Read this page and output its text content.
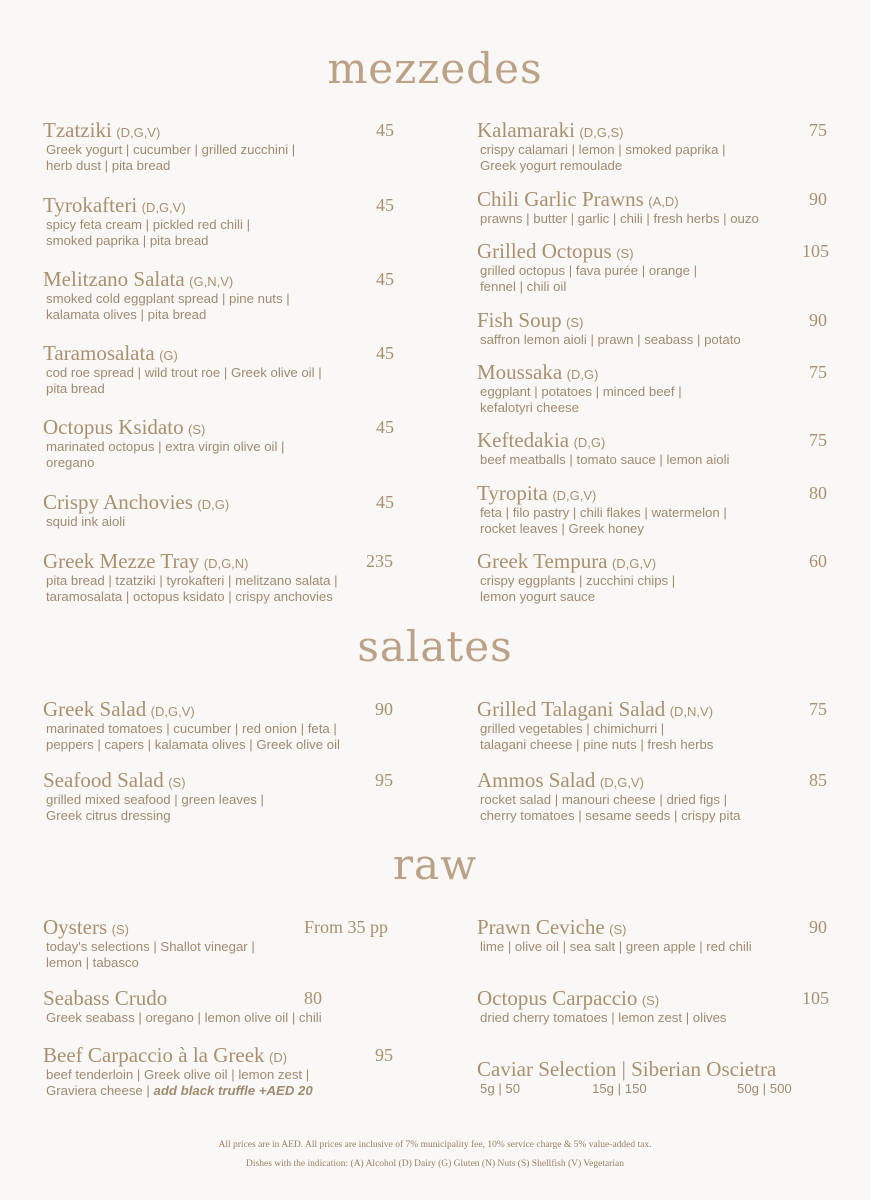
mezzedes
salates
raw
Tzatziki (D,G,V)	45
Greek yogurt | cucumber | grilled zucchini |
herb dust | pita bread
Tyrokafteri (D,G,V)	45
spicy feta cream | pickled red chili |
smoked paprika | pita bread
Melitzano Salata (G,N,V)	45
smoked cold eggplant spread | pine nuts |
kalamata olives | pita bread
Taramosalata (G)	45
cod roe spread | wild trout roe | Greek olive oil |
pita bread
Octopus Ksidato (S)	45
marinated octopus | extra virgin olive oil |
oregano
Crispy Anchovies (D,G)	45
squid ink aioli
Greek Mezze Tray (D,G,N)	235
pita bread | tzatziki | tyrokafteri | melitzano salata |
taramosalata | octopus ksidato | crispy anchovies
Kalamaraki (D,G,S)	75
crispy calamari | lemon | smoked paprika |
Greek yogurt remoulade
Chili Garlic Prawns (A,D)	90
prawns | butter | garlic | chili | fresh herbs | ouzo
Grilled Octopus (S)	105
grilled octopus | fava purée | orange |
fennel | chili oil
Fish Soup (S)	90
saffron lemon aioli | prawn | seabass | potato
Moussaka (D,G)	75
eggplant | potatoes | minced beef |
kefalotyri cheese
Keftedakia (D,G)	75
beef meatballs | tomato sauce | lemon aioli
Tyropita (D,G,V)	80
feta | filo pastry | chili flakes | watermelon |
rocket leaves | Greek honey
Greek Tempura (D,G,V)	60
crispy eggplants | zucchini chips |
lemon yogurt sauce
Greek Salad (D,G,V)	90
marinated tomatoes | cucumber | red onion | feta |
peppers | capers | kalamata olives | Greek olive oil
Seafood Salad (S)	95
grilled mixed seafood | green leaves |
Greek citrus dressing
Grilled Talagani Salad (D,N,V)	75
grilled vegetables | chimichurri |
talagani cheese | pine nuts | fresh herbs
Ammos Salad (D,G,V)	85
rocket salad | manouri cheese | dried figs |
cherry tomatoes | sesame seeds | crispy pita
Oysters (S)	From 35 pp
today's selections | Shallot vinegar |
lemon | tabasco
Seabass Crudo	80
Greek seabass | oregano | lemon olive oil | chili
Beef Carpaccio à la Greek (D)	95
beef tenderloin | Greek olive oil | lemon zest |
Graviera cheese | add black truffle +AED 20
Prawn Ceviche (S)	90
lime | olive oil | sea salt | green apple | red chili
Octopus Carpaccio (S)	105
dried cherry tomatoes | lemon zest | olives
Caviar Selection | Siberian Oscietra
5g | 50	15g | 150	50g | 500
All prices are in AED. All prices are inclusive of 7% municipality fee, 10% service charge & 5% value-added tax.
Dishes with the indication: (A) Alcohol (D) Dairy (G) Gluten (N) Nuts (S) Shellfish (V) Vegetarian
